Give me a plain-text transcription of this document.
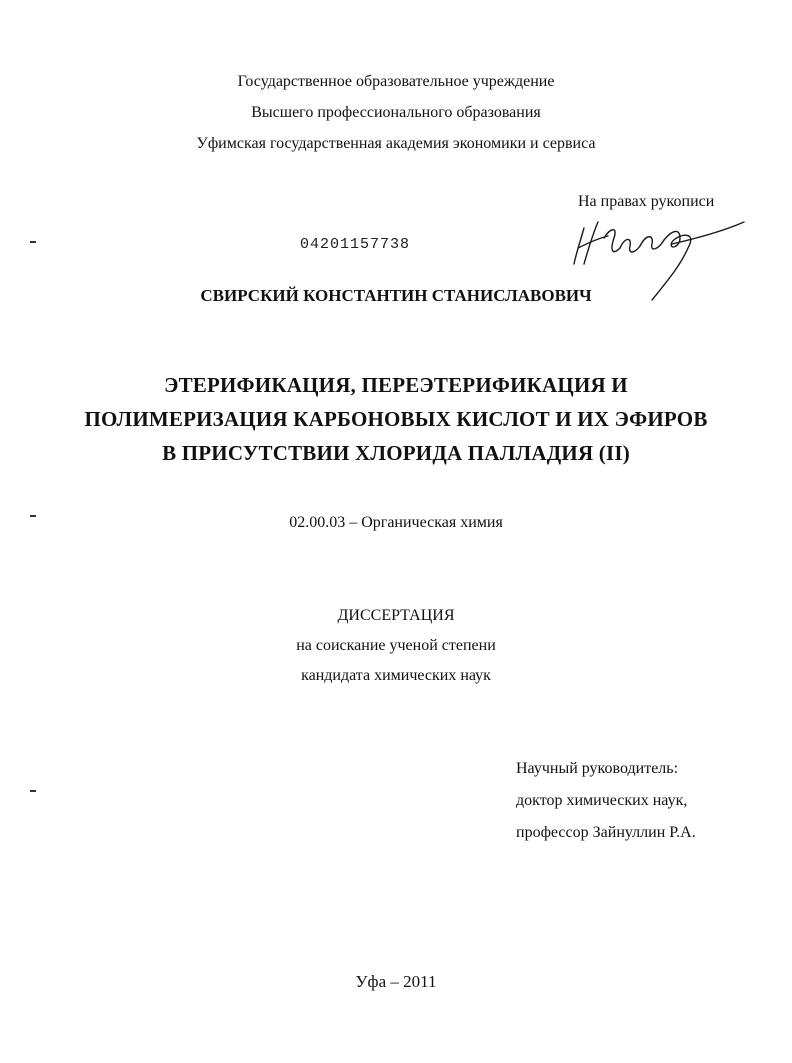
Государственное образовательное учреждение
Высшего профессионального образования
Уфимская государственная академия экономики и сервиса
На правах рукописи
04201157738
СВИРСКИЙ КОНСТАНТИН СТАНИСЛАВОВИЧ
ЭТЕРИФИКАЦИЯ, ПЕРЕЭТЕРИФИКАЦИЯ И
ПОЛИМЕРИЗАЦИЯ КАРБОНОВЫХ КИСЛОТ И ИХ ЭФИРОВ
В ПРИСУТСТВИИ ХЛОРИДА ПАЛЛАДИЯ (II)
02.00.03 – Органическая химия
ДИССЕРТАЦИЯ
на соискание ученой степени
кандидата химических наук
Научный руководитель:
доктор химических наук,
профессор Зайнуллин Р.А.
Уфа – 2011
